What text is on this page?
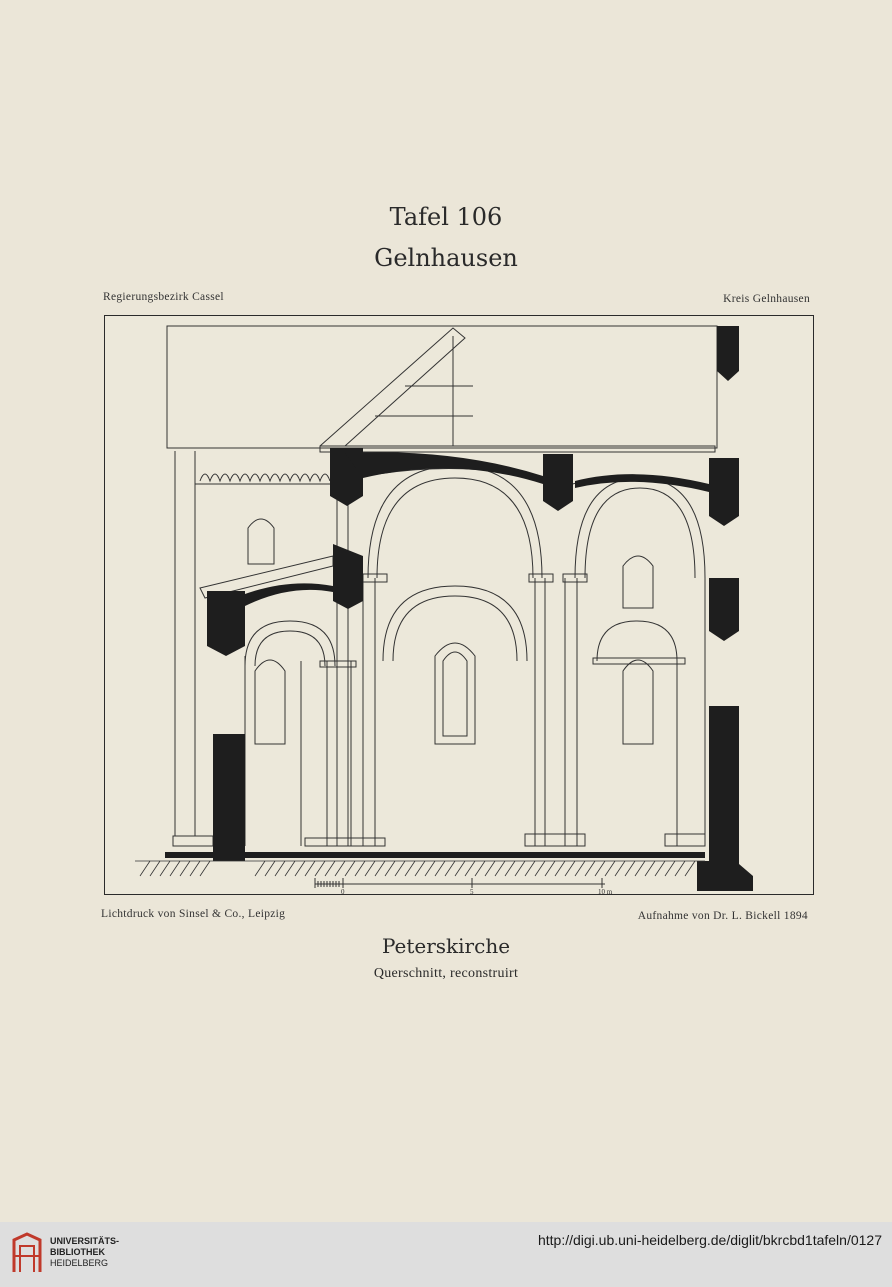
Tafel 106
Gelnhausen
Regierungsbezirk Cassel	Kreis Gelnhausen
0	5	10 m
Lichtdruck von Sinsel & Co., Leipzig	Aufnahme von Dr. L. Bickell 1894
Peterskirche
Querschnitt, reconstruirt
UNIVERSITÄTS-
BIBLIOTHEK
HEIDELBERG
http://digi.ub.uni-heidelberg.de/diglit/bkrcbd1tafeln/0127
